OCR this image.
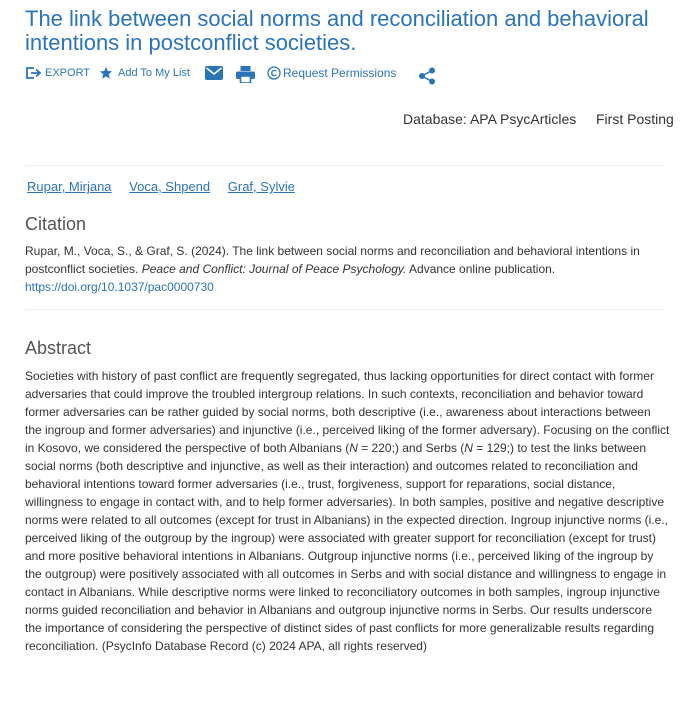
The link between social norms and reconciliation and behavioral intentions in postconflict societies.
EXPORT	Add To My List	Request Permissions
Database: APA PsycArticles First Posting
Rupar, Mirjana Voca, Shpend Graf, Sylvie
Citation
Rupar, M., Voca, S., & Graf, S. (2024). The link between social norms and reconciliation and behavioral intentions in postconflict societies. Peace and Conflict: Journal of Peace Psychology. Advance online publication. https://doi.org/10.1037/pac0000730
Abstract

Societies with history of past conflict are frequently segregated, thus lacking opportunities for direct contact with former adversaries that could improve the troubled intergroup relations. In such contexts, reconciliation and behavior toward former adversaries can be rather guided by social norms, both descriptive (i.e., awareness about interactions between the ingroup and former adversaries) and injunctive (i.e., perceived liking of the former adversary). Focusing on the conflict in Kosovo, we considered the perspective of both Albanians (N = 220;) and Serbs (N = 129;) to test the links between social norms (both descriptive and injunctive, as well as their interaction) and outcomes related to reconciliation and behavioral intentions toward former adversaries (i.e., trust, forgiveness, support for reparations, social distance, willingness to engage in contact with, and to help former adversaries). In both samples, positive and negative descriptive norms were related to all outcomes (except for trust in Albanians) in the expected direction. Ingroup injunctive norms (i.e., perceived liking of the outgroup by the ingroup) were associated with greater support for reconciliation (except for trust) and more positive behavioral intentions in Albanians. Outgroup injunctive norms (i.e., perceived liking of the ingroup by the outgroup) were positively associated with all outcomes in Serbs and with social distance and willingness to engage in contact in Albanians. While descriptive norms were linked to reconciliatory outcomes in both samples, ingroup injunctive norms guided reconciliation and behavior in Albanians and outgroup injunctive norms in Serbs. Our results underscore the importance of considering the perspective of distinct sides of past conflicts for more generalizable results regarding reconciliation. (PsycInfo Database Record (c) 2024 APA, all rights reserved)
